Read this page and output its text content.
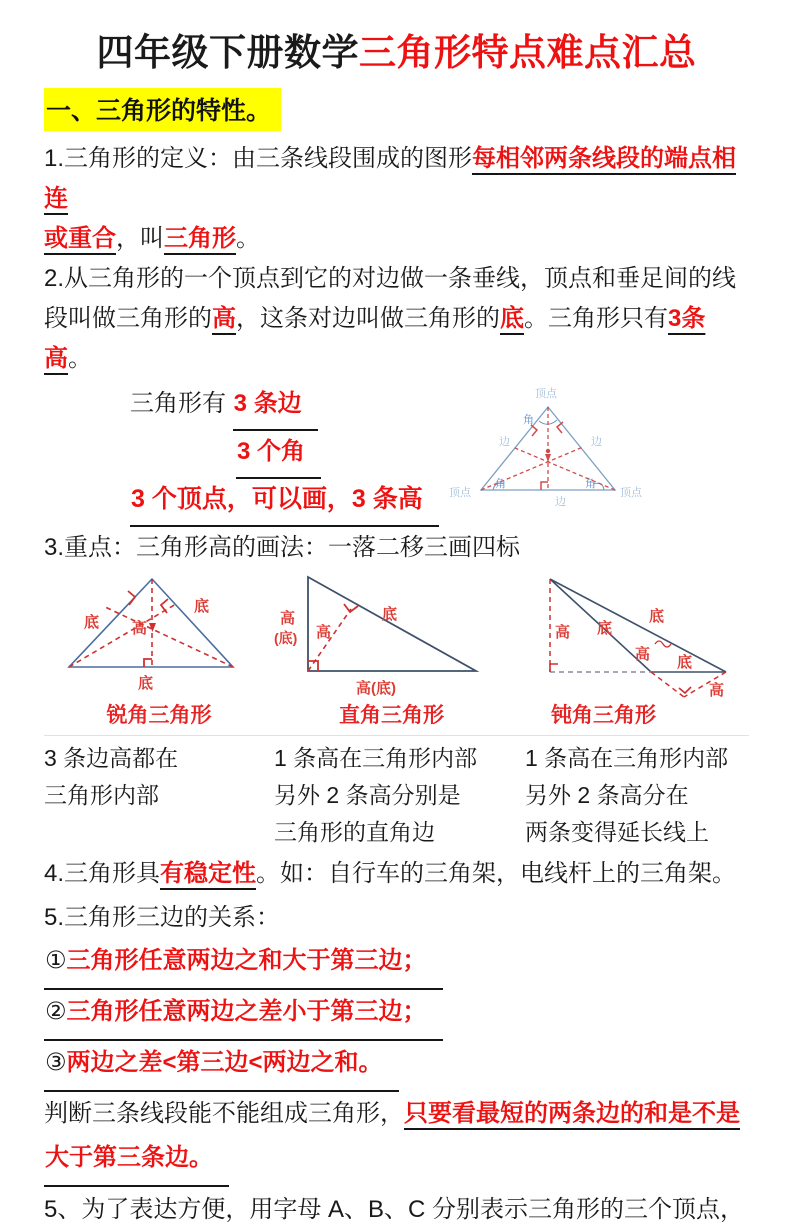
四年级下册数学三角形特点难点汇总
一、三角形的特性。

1.三角形的定义：由三条线段围成的图形每相邻两条线段的端点相连
或重合，叫三角形。

2.从三角形的一个顶点到它的对边做一条垂线，顶点和垂足间的线
段叫做三角形的高，这条对边叫做三角形的底。三角形只有3条高。

三角形有 3 条边
3 个角
3 个顶点，可以画，3 条高
顶点
顶点	顶点
边	边
边
角
角	角

3.重点：三角形高的画法：一落二移三画四标

底 高
底
底
高
(底) 高
底
高(底)
高 底
底
高 底
高
锐角三角形	直角三角形	钝角三角形
3 条边高都在
三角形内部
1 条高在三角形内部
另外 2 条高分别是
三角形的直角边
1 条高在三角形内部
另外 2 条高分在
两条变得延长线上

4.三角形具有稳定性。如：自行车的三角架，电线杆上的三角架。

5.三角形三边的关系：

①三角形任意两边之和大于第三边；

②三角形任意两边之差小于第三边；

③两边之差<第三边<两边之和。

判断三条线段能不能组成三角形，只要看最短的两条边的和是不是
大于第三条边。

5、为了表达方便，用字母 A、B、C 分别表示三角形的三个顶点，
